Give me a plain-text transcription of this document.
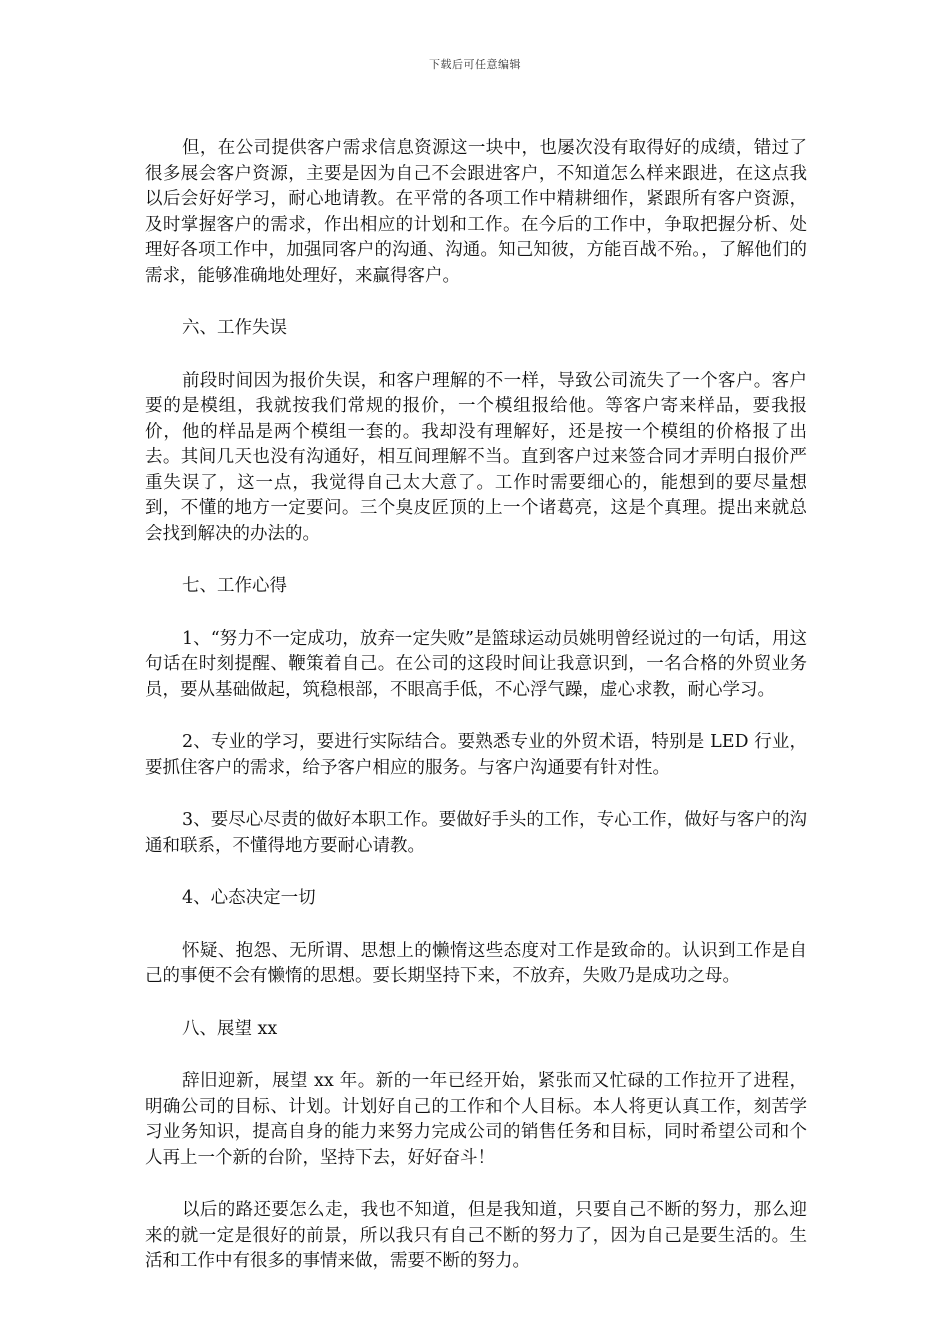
下载后可任意编辑

但，在公司提供客户需求信息资源这一块中，也屡次没有取得好的成绩，错过了很多展会客户资源，主要是因为自己不会跟进客户，不知道怎么样来跟进，在这点我以后会好好学习，耐心地请教。在平常的各项工作中精耕细作，紧跟所有客户资源，及时掌握客户的需求，作出相应的计划和工作。在今后的工作中，争取把握分析、处理好各项工作中，加强同客户的沟通、沟通。知己知彼，方能百战不殆。，了解他们的需求，能够准确地处理好，来赢得客户。

六、工作失误

前段时间因为报价失误，和客户理解的不一样，导致公司流失了一个客户。客户要的是模组，我就按我们常规的报价，一个模组报给他。等客户寄来样品，要我报价，他的样品是两个模组一套的。我却没有理解好，还是按一个模组的价格报了出去。其间几天也没有沟通好，相互间理解不当。直到客户过来签合同才弄明白报价严重失误了，这一点，我觉得自己太大意了。工作时需要细心的，能想到的要尽量想到，不懂的地方一定要问。三个臭皮匠顶的上一个诸葛亮，这是个真理。提出来就总会找到解决的办法的。

七、工作心得

1、“努力不一定成功，放弃一定失败”是篮球运动员姚明曾经说过的一句话，用这句话在时刻提醒、鞭策着自己。在公司的这段时间让我意识到，一名合格的外贸业务员，要从基础做起，筑稳根部，不眼高手低，不心浮气躁，虚心求教，耐心学习。

2、专业的学习，要进行实际结合。要熟悉专业的外贸术语，特别是 LED 行业，要抓住客户的需求，给予客户相应的服务。与客户沟通要有针对性。

3、要尽心尽责的做好本职工作。要做好手头的工作，专心工作，做好与客户的沟通和联系，不懂得地方要耐心请教。

4、心态决定一切

怀疑、抱怨、无所谓、思想上的懒惰这些态度对工作是致命的。认识到工作是自己的事便不会有懒惰的思想。要长期坚持下来，不放弃，失败乃是成功之母。

八、展望 xx

辞旧迎新，展望 xx 年。新的一年已经开始，紧张而又忙碌的工作拉开了进程，明确公司的目标、计划。计划好自己的工作和个人目标。本人将更认真工作，刻苦学习业务知识，提高自身的能力来努力完成公司的销售任务和目标，同时希望公司和个人再上一个新的台阶，坚持下去，好好奋斗！

以后的路还要怎么走，我也不知道，但是我知道，只要自己不断的努力，那么迎来的就一定是很好的前景，所以我只有自己不断的努力了，因为自己是要生活的。生活和工作中有很多的事情来做，需要不断的努力。
